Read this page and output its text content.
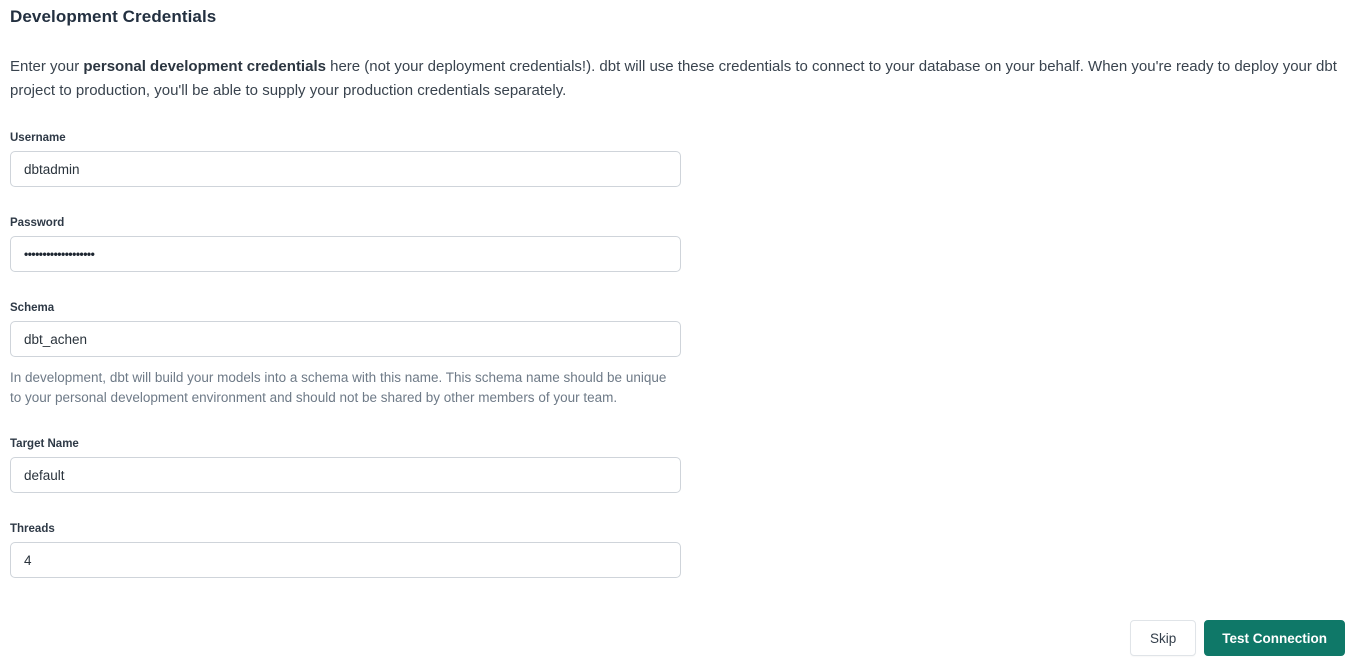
Development Credentials

Enter your personal development credentials here (not your deployment credentials!). dbt will use these credentials to connect to your database on your behalf. When you're ready to deploy your dbt project to production, you'll be able to supply your production credentials separately.

Username
dbtadmin
Password
•••••••••••••••••••
Schema
dbt_achen
In development, dbt will build your models into a schema with this name. This schema name should be unique to your personal development environment and should not be shared by other members of your team.
Target Name
default
Threads
4
Skip	Test Connection
